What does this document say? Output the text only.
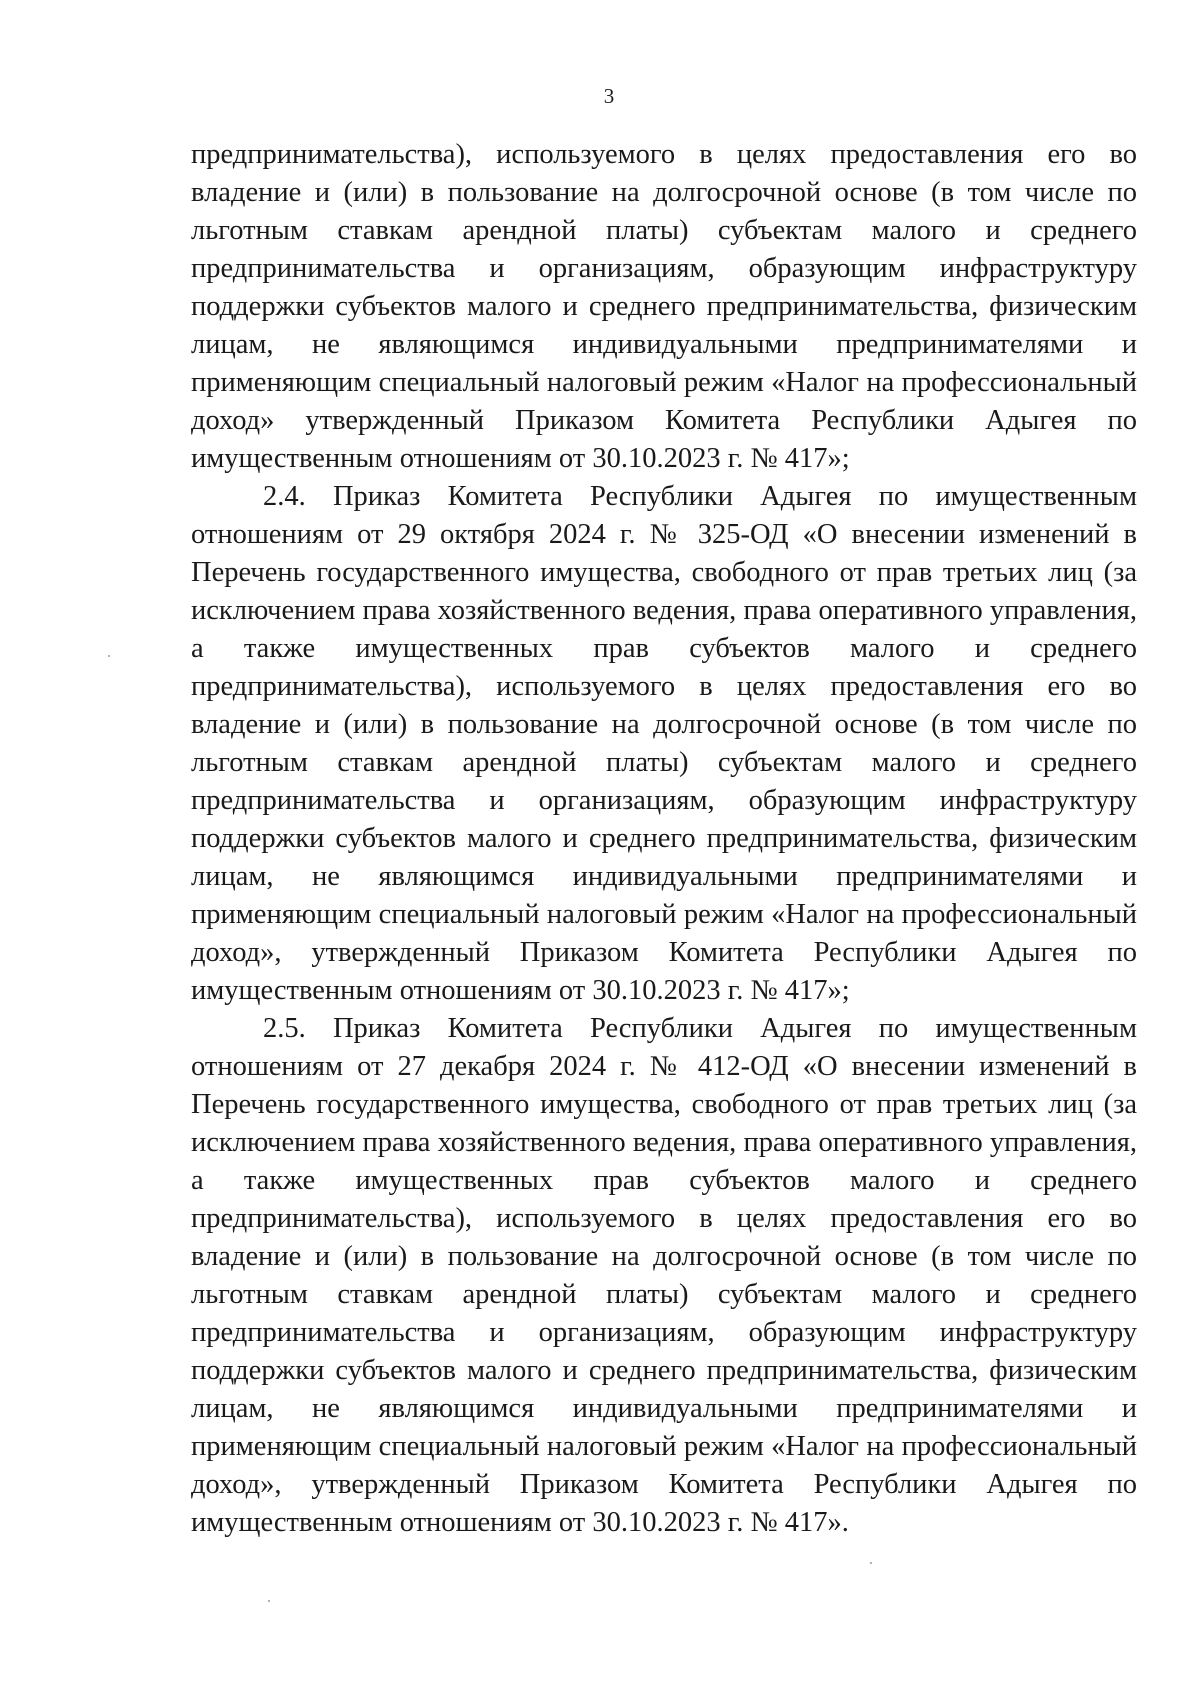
3
предпринимательства), используемого в целях предоставления его во
владение и (или) в пользование на долгосрочной основе (в том числе по
льготным ставкам арендной платы) субъектам малого и среднего
предпринимательства и организациям, образующим инфраструктуру
поддержки субъектов малого и среднего предпринимательства, физическим
лицам, не являющимся индивидуальными предпринимателями и
применяющим специальный налоговый режим «Налог на профессиональный
доход» утвержденный Приказом Комитета Республики Адыгея по
имущественным отношениям от 30.10.2023 г. № 417»;
2.4. Приказ Комитета Республики Адыгея по имущественным
отношениям от 29 октября 2024 г. № 325-ОД «О внесении изменений в
Перечень государственного имущества, свободного от прав третьих лиц (за
исключением права хозяйственного ведения, права оперативного управления,
а также имущественных прав субъектов малого и среднего
предпринимательства), используемого в целях предоставления его во
владение и (или) в пользование на долгосрочной основе (в том числе по
льготным ставкам арендной платы) субъектам малого и среднего
предпринимательства и организациям, образующим инфраструктуру
поддержки субъектов малого и среднего предпринимательства, физическим
лицам, не являющимся индивидуальными предпринимателями и
применяющим специальный налоговый режим «Налог на профессиональный
доход», утвержденный Приказом Комитета Республики Адыгея по
имущественным отношениям от 30.10.2023 г. № 417»;
2.5. Приказ Комитета Республики Адыгея по имущественным
отношениям от 27 декабря 2024 г. № 412-ОД «О внесении изменений в
Перечень государственного имущества, свободного от прав третьих лиц (за
исключением права хозяйственного ведения, права оперативного управления,
а также имущественных прав субъектов малого и среднего
предпринимательства), используемого в целях предоставления его во
владение и (или) в пользование на долгосрочной основе (в том числе по
льготным ставкам арендной платы) субъектам малого и среднего
предпринимательства и организациям, образующим инфраструктуру
поддержки субъектов малого и среднего предпринимательства, физическим
лицам, не являющимся индивидуальными предпринимателями и
применяющим специальный налоговый режим «Налог на профессиональный
доход», утвержденный Приказом Комитета Республики Адыгея по
имущественным отношениям от 30.10.2023 г. № 417».
